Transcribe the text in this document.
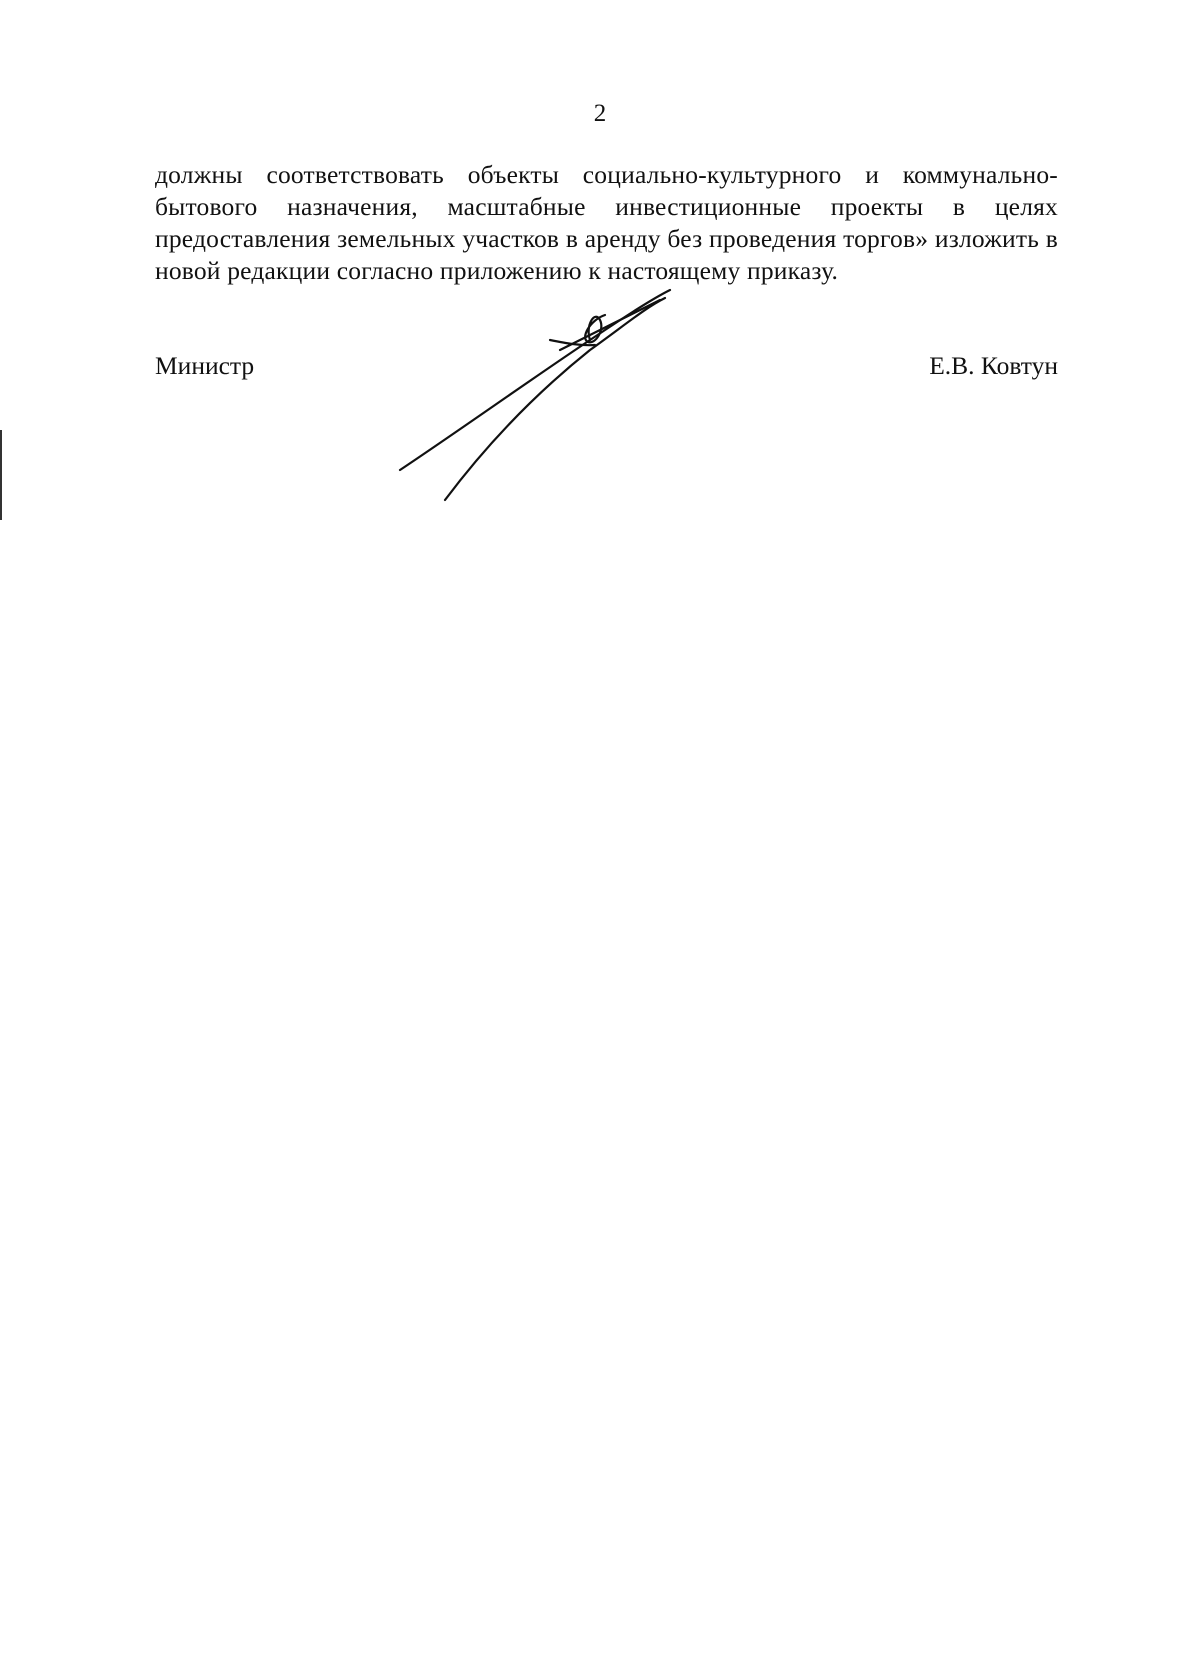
2

должны соответствовать объекты социально-культурного и коммунально-бытового назначения, масштабные инвестиционные проекты в целях предоставления земельных участков в аренду без проведения торгов» изложить в новой редакции согласно приложению к настоящему приказу.

Министр	Е.В. Ковтун
